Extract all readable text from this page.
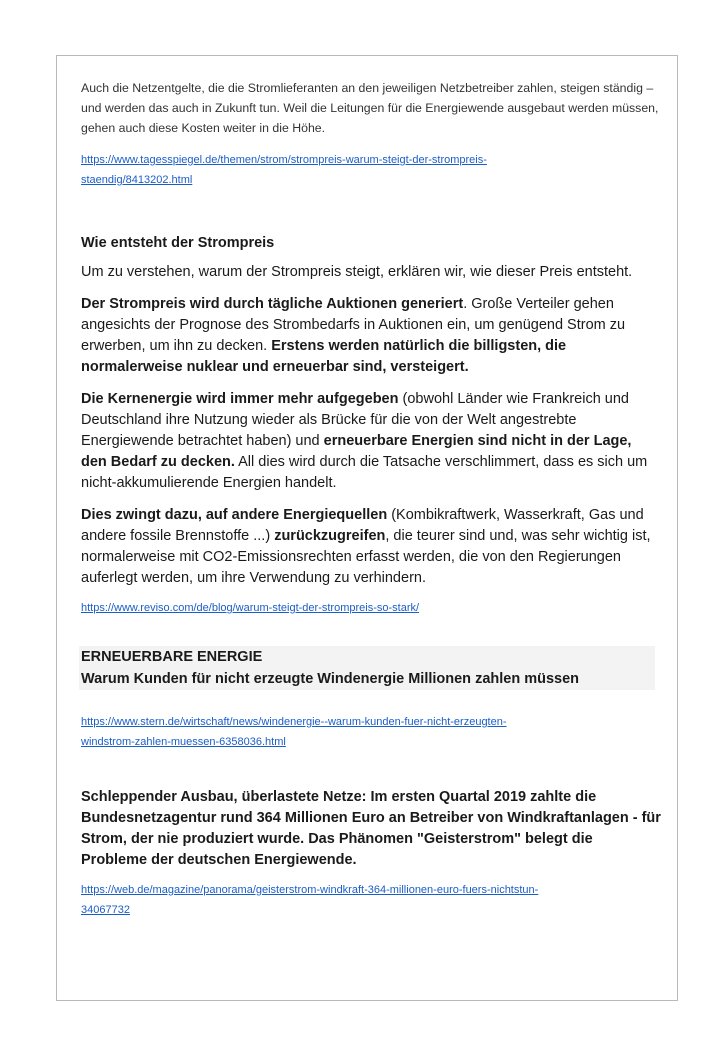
Auch die Netzentgelte, die die Stromlieferanten an den jeweiligen Netzbetreiber zahlen, steigen ständig – und werden das auch in Zukunft tun. Weil die Leitungen für die Energiewende ausgebaut werden müssen, gehen auch diese Kosten weiter in die Höhe.

https://www.tagesspiegel.de/themen/strom/strompreis-warum-steigt-der-strompreis-
staendig/8413202.html

Wie entsteht der Strompreis

Um zu verstehen, warum der Strompreis steigt, erklären wir, wie dieser Preis entsteht.

Der Strompreis wird durch tägliche Auktionen generiert. Große Verteiler gehen angesichts der Prognose des Strombedarfs in Auktionen ein, um genügend Strom zu erwerben, um ihn zu decken. Erstens werden natürlich die billigsten, die normalerweise nuklear und erneuerbar sind, versteigert.

Die Kernenergie wird immer mehr aufgegeben (obwohl Länder wie Frankreich und Deutschland ihre Nutzung wieder als Brücke für die von der Welt angestrebte Energiewende betrachtet haben) und erneuerbare Energien sind nicht in der Lage, den Bedarf zu decken. All dies wird durch die Tatsache verschlimmert, dass es sich um nicht-akkumulierende Energien handelt.

Dies zwingt dazu, auf andere Energiequellen (Kombikraftwerk, Wasserkraft, Gas und andere fossile Brennstoffe ...) zurückzugreifen, die teurer sind und, was sehr wichtig ist, normalerweise mit CO2-Emissionsrechten erfasst werden, die von den Regierungen auferlegt werden, um ihre Verwendung zu verhindern.

https://www.reviso.com/de/blog/warum-steigt-der-strompreis-so-stark/

ERNEUERBARE ENERGIE

Warum Kunden für nicht erzeugte Windenergie Millionen zahlen müssen

https://www.stern.de/wirtschaft/news/windenergie--warum-kunden-fuer-nicht-erzeugten-
windstrom-zahlen-muessen-6358036.html

Schleppender Ausbau, überlastete Netze: Im ersten Quartal 2019 zahlte die Bundesnetzagentur rund 364 Millionen Euro an Betreiber von Windkraftanlagen - für Strom, der nie produziert wurde. Das Phänomen "Geisterstrom" belegt die Probleme der deutschen Energiewende.

https://web.de/magazine/panorama/geisterstrom-windkraft-364-millionen-euro-fuers-nichtstun-
34067732
